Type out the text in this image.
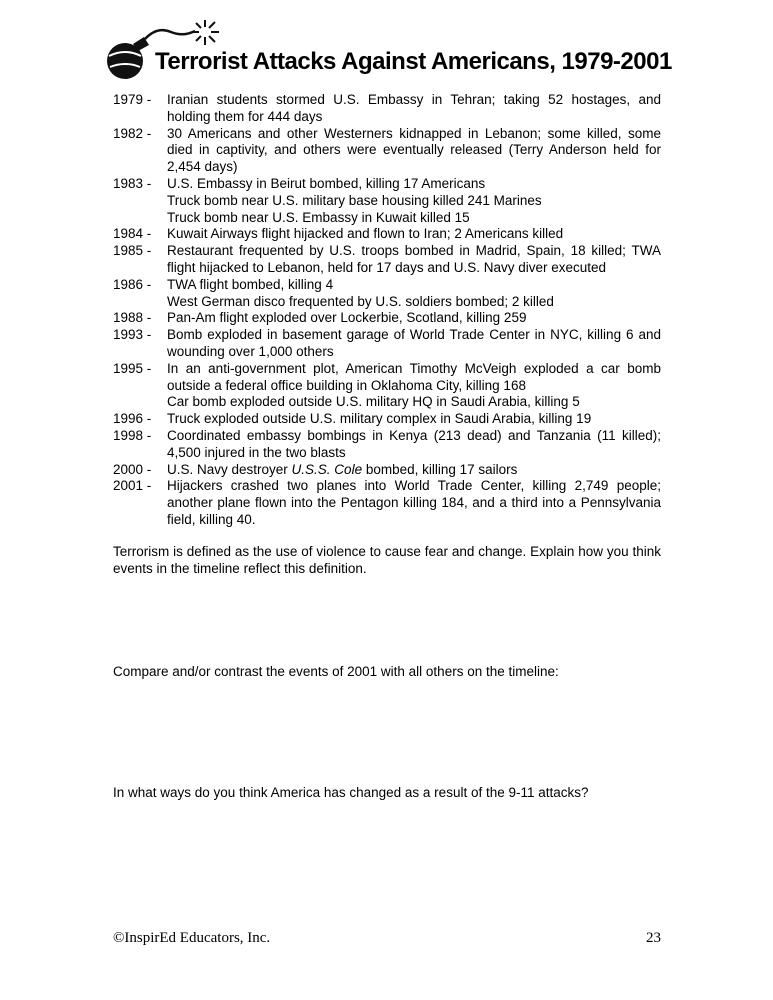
Terrorist Attacks Against Americans, 1979-2001
1979 -	Iranian students stormed U.S. Embassy in Tehran; taking 52 hostages, and holding them for 444 days

1982 -	30 Americans and other Westerners kidnapped in Lebanon; some killed, some died in captivity, and others were eventually released (Terry Anderson held for 2,454 days)

1983 -	U.S. Embassy in Beirut bombed, killing 17 Americans

Truck bomb near U.S. military base housing killed 241 Marines

Truck bomb near U.S. Embassy in Kuwait killed 15

1984 -	Kuwait Airways flight hijacked and flown to Iran; 2 Americans killed

1985 -	Restaurant frequented by U.S. troops bombed in Madrid, Spain, 18 killed; TWA flight hijacked to Lebanon, held for 17 days and U.S. Navy diver executed

1986 -	TWA flight bombed, killing 4

West German disco frequented by U.S. soldiers bombed; 2 killed

1988 -	Pan-Am flight exploded over Lockerbie, Scotland, killing 259

1993 -	Bomb exploded in basement garage of World Trade Center in NYC, killing 6 and wounding over 1,000 others

1995 -	In an anti-government plot, American Timothy McVeigh exploded a car bomb outside a federal office building in Oklahoma City, killing 168

Car bomb exploded outside U.S. military HQ in Saudi Arabia, killing 5

1996 -	Truck exploded outside U.S. military complex in Saudi Arabia, killing 19

1998 -	Coordinated embassy bombings in Kenya (213 dead) and Tanzania (11 killed); 4,500 injured in the two blasts

2000 -	U.S. Navy destroyer U.S.S. Cole bombed, killing 17 sailors

2001 -	Hijackers crashed two planes into World Trade Center, killing 2,749 people; another plane flown into the Pentagon killing 184, and a third into a Pennsylvania field, killing 40.

Terrorism is defined as the use of violence to cause fear and change. Explain how you think events in the timeline reflect this definition.

Compare and/or contrast the events of 2001 with all others on the timeline:

In what ways do you think America has changed as a result of the 9-11 attacks?

©InspirEd Educators, Inc.	23
